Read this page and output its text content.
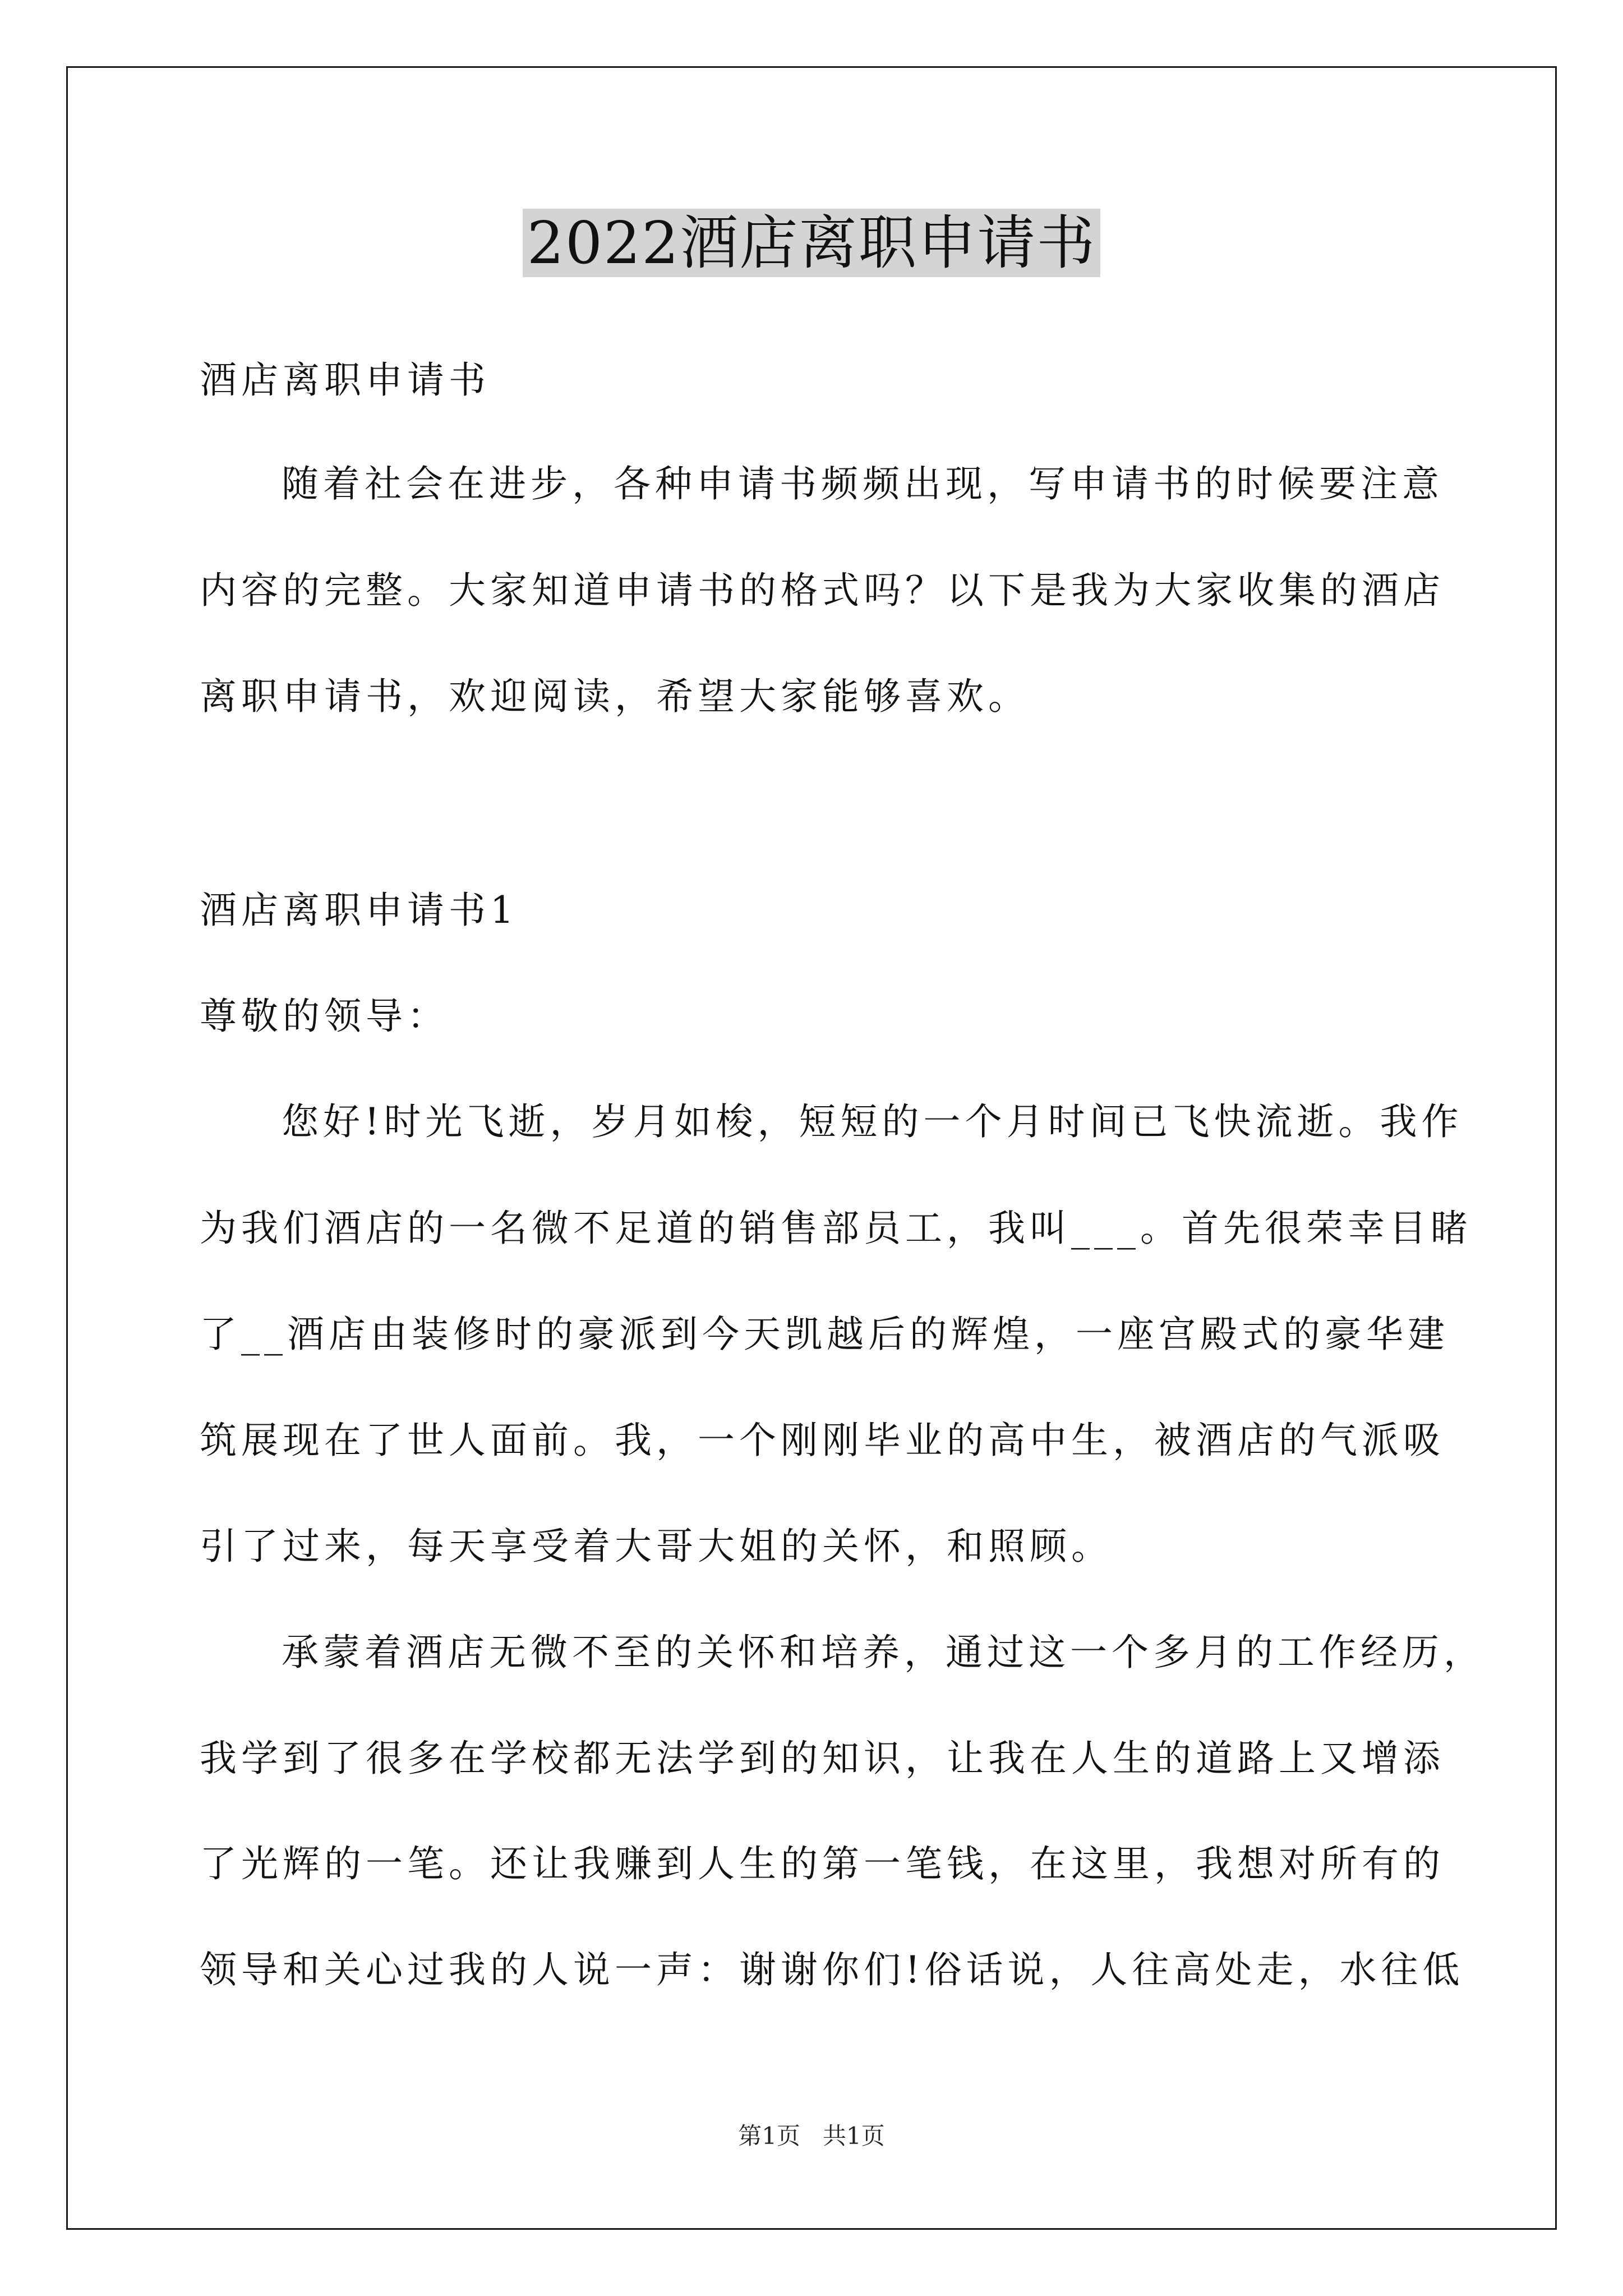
2022酒店离职申请书
酒店离职申请书
随着社会在进步，各种申请书频频出现，写申请书的时候要注意
内容的完整。大家知道申请书的格式吗？以下是我为大家收集的酒店
离职申请书，欢迎阅读，希望大家能够喜欢。
酒店离职申请书1
尊敬的领导：
您好!时光飞逝，岁月如梭，短短的一个月时间已飞快流逝。我作
为我们酒店的一名微不足道的销售部员工，我叫___。首先很荣幸目睹
了__酒店由装修时的豪派到今天凯越后的辉煌，一座宫殿式的豪华建
筑展现在了世人面前。我，一个刚刚毕业的高中生，被酒店的气派吸
引了过来，每天享受着大哥大姐的关怀，和照顾。
承蒙着酒店无微不至的关怀和培养，通过这一个多月的工作经历，
我学到了很多在学校都无法学到的知识，让我在人生的道路上又增添
了光辉的一笔。还让我赚到人生的第一笔钱，在这里，我想对所有的
领导和关心过我的人说一声：谢谢你们!俗话说，人往高处走，水往低
第1页 共1页
